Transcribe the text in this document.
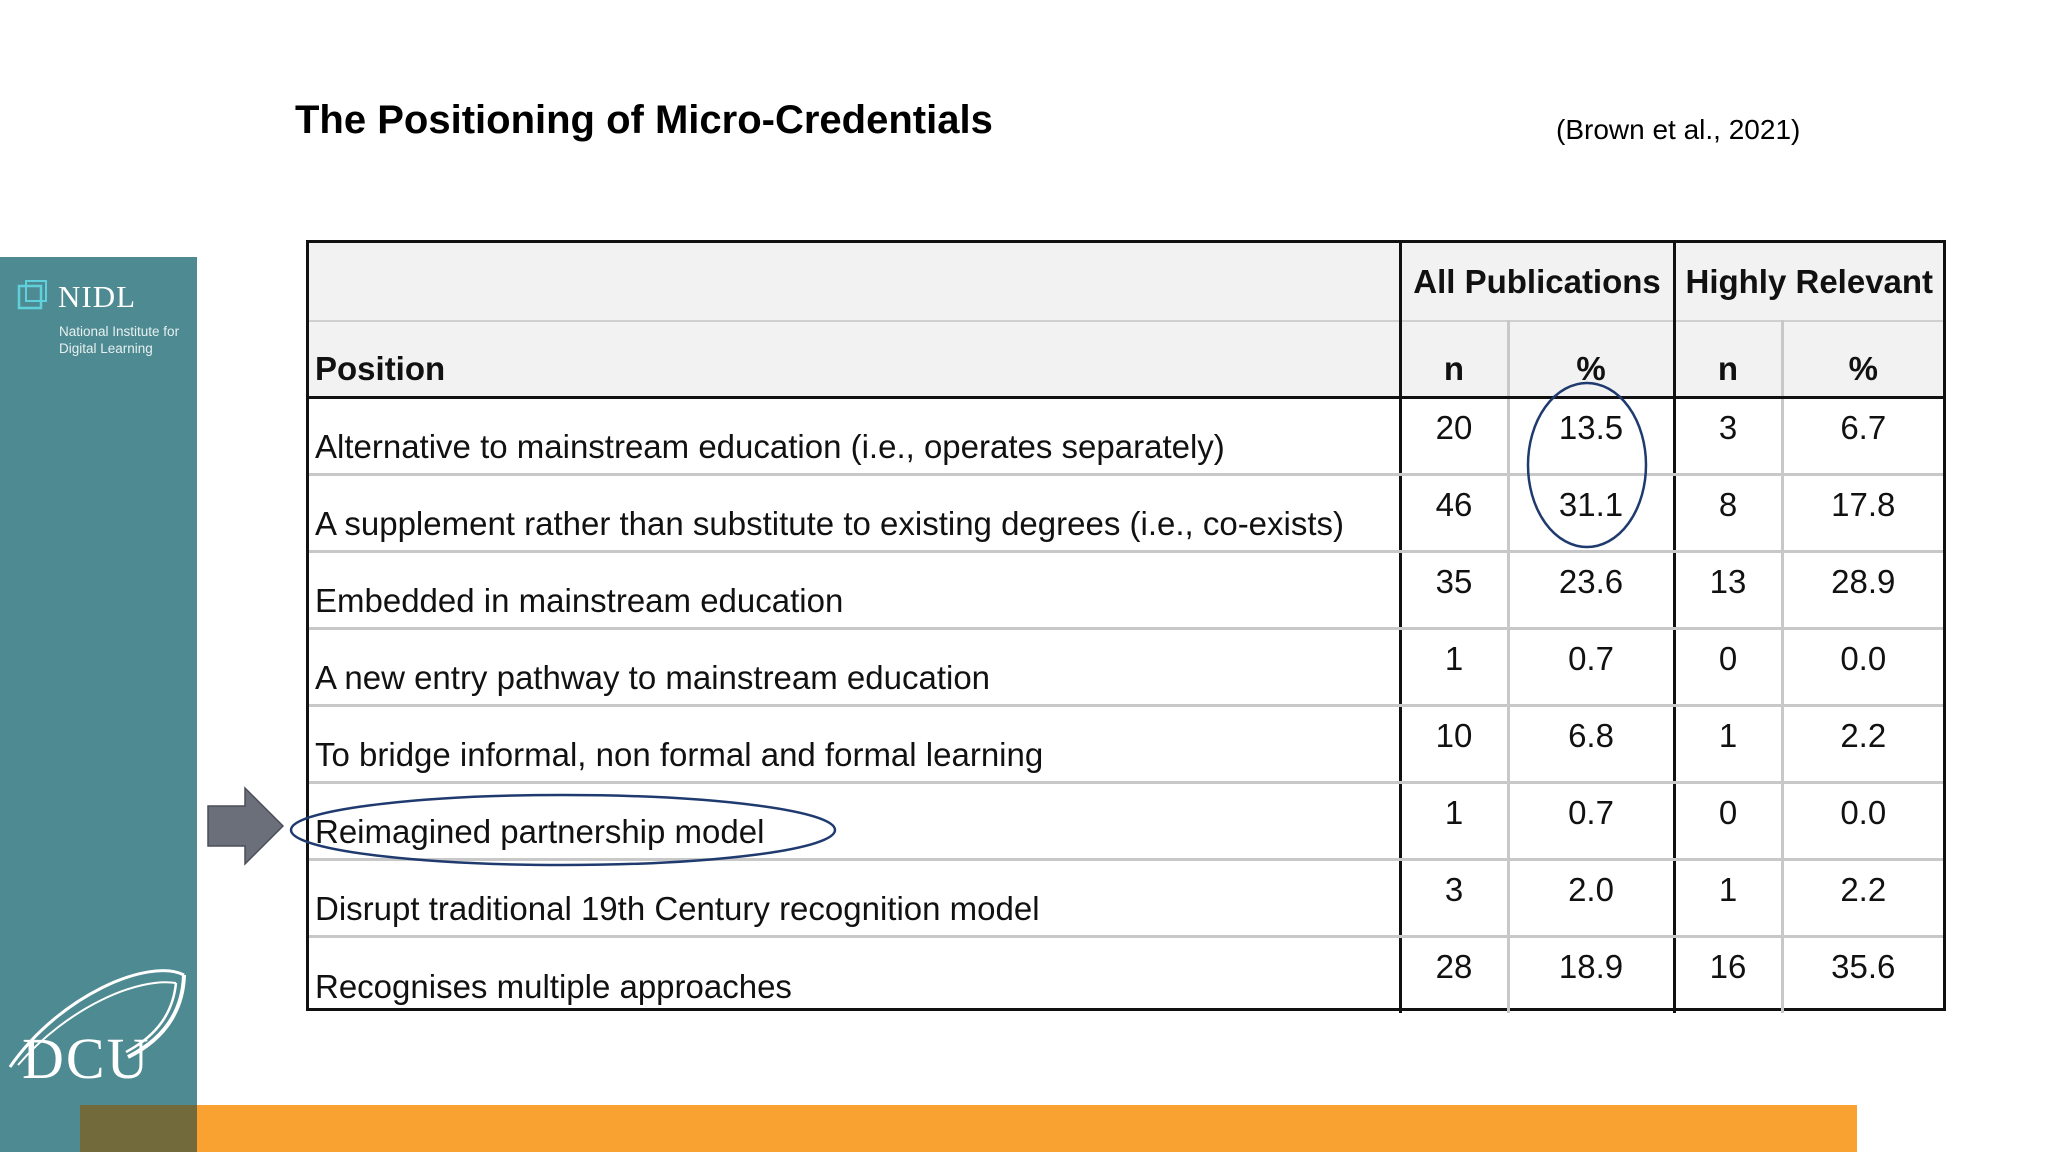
NIDL
National Institute for Digital Learning
DCU
The Positioning of Micro-Credentials	(Brown et al., 2021)
	All Publications		Highly Relevant	
Position	n	%	n	%
Alternative to mainstream education (i.e., operates separately)	20	13.5	3	6.7
A supplement rather than substitute to existing degrees (i.e., co-exists)	46	31.1	8	17.8
Embedded in mainstream education	35	23.6	13	28.9
A new entry pathway to mainstream education	1	0.7	0	0.0
To bridge informal, non formal and formal learning	10	6.8	1	2.2
Reimagined partnership model	1	0.7	0	0.0
Disrupt traditional 19th Century recognition model	3	2.0	1	2.2
Recognises multiple approaches	28	18.9	16	35.6
